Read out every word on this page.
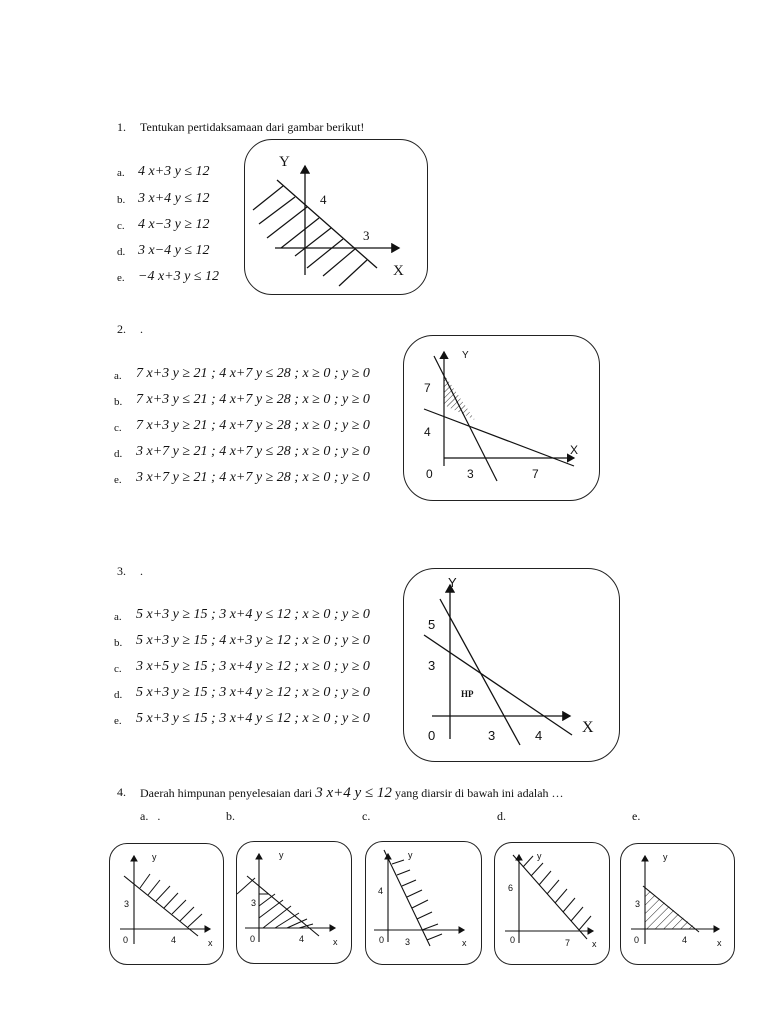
1. Tentukan pertidaksamaan dari gambar berikut!
a. 4 x+3 y ≤ 12
b. 3 x+4 y ≤ 12
c. 4 x−3 y ≥ 12
d. 3 x−4 y ≤ 12
e. −4 x+3 y ≤ 12
Y
X
4
3
2. .
a. 7 x+3 y ≥ 21 ; 4 x+7 y ≤ 28 ; x ≥ 0 ; y ≥ 0
b. 7 x+3 y ≤ 21 ; 4 x+7 y ≥ 28 ; x ≥ 0 ; y ≥ 0
c. 7 x+3 y ≥ 21 ; 4 x+7 y ≥ 28 ; x ≥ 0 ; y ≥ 0
d. 3 x+7 y ≥ 21 ; 4 x+7 y ≤ 28 ; x ≥ 0 ; y ≥ 0
e. 3 x+7 y ≥ 21 ; 4 x+7 y ≥ 28 ; x ≥ 0 ; y ≥ 0
Y
X
7
4
0	3	7
3. .
a. 5 x+3 y ≥ 15 ; 3 x+4 y ≤ 12 ; x ≥ 0 ; y ≥ 0
b. 5 x+3 y ≥ 15 ; 4 x+3 y ≥ 12 ; x ≥ 0 ; y ≥ 0
c. 3 x+5 y ≥ 15 ; 3 x+4 y ≥ 12 ; x ≥ 0 ; y ≥ 0
d. 5 x+3 y ≥ 15 ; 3 x+4 y ≥ 12 ; x ≥ 0 ; y ≥ 0
e. 5 x+3 y ≤ 15 ; 3 x+4 y ≤ 12 ; x ≥ 0 ; y ≥ 0
Y
X
5
3
0	3	4
HP
4. Daerah himpunan penyelesaian dari 3 x+4 y ≤ 12 yang diarsir di bawah ini adalah …
a. .	b.	c.	d.	e.
y
x
3
4
0
y
x
3
4
0
y
x
4
3
0
y
x
6
7
0
y
x
3
4
0
